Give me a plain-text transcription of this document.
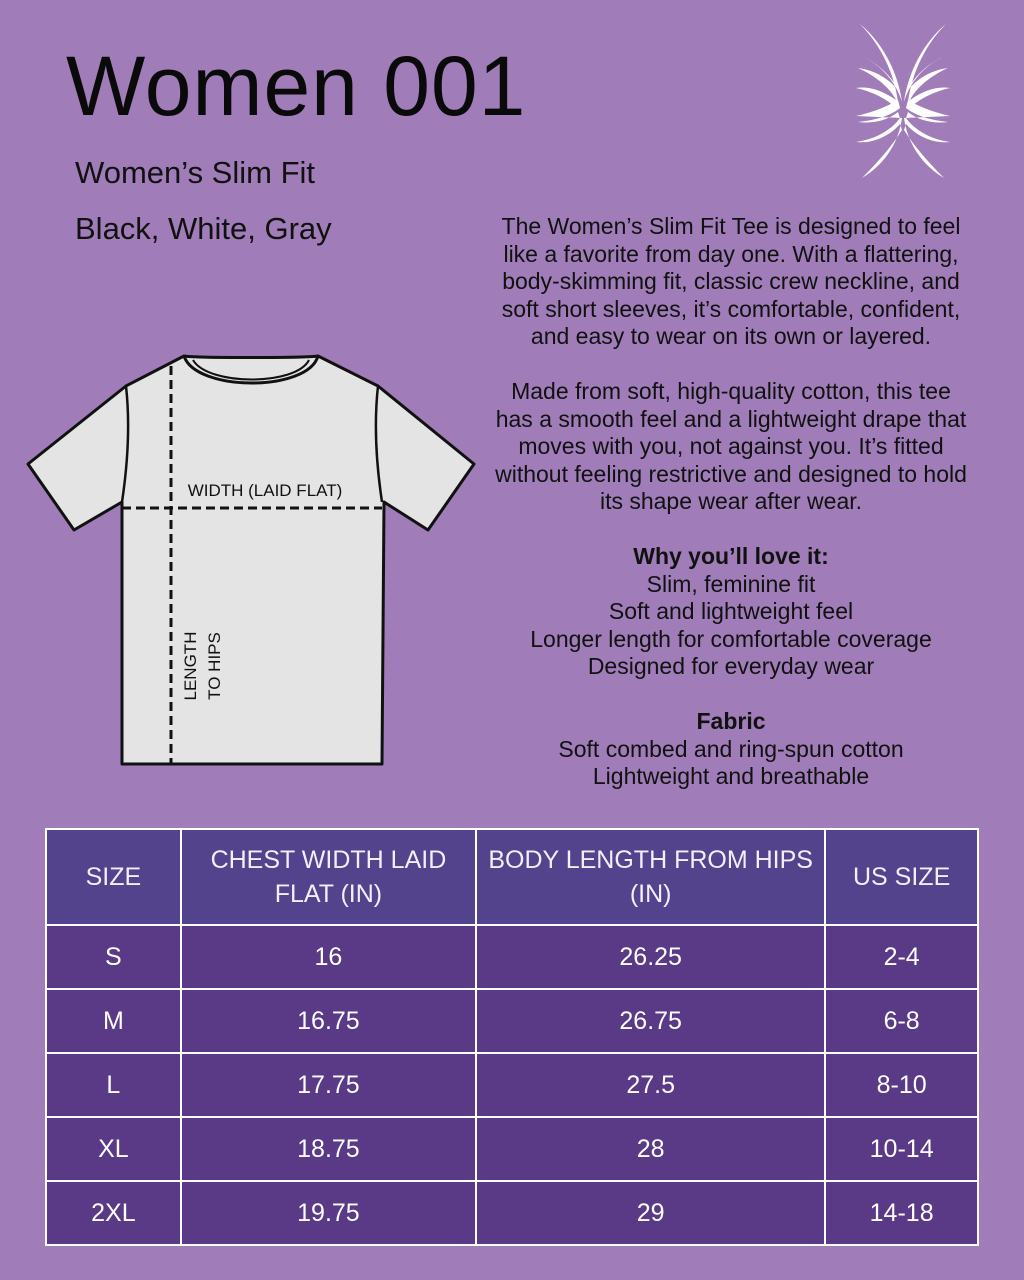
Women 001

Women’s Slim Fit

Black, White, Gray

WIDTH (LAID FLAT)
LENGTH TO HIPS

The Women’s Slim Fit Tee is designed to feel
like a favorite from day one. With a flattering,
body-skimming fit, classic crew neckline, and
soft short sleeves, it’s comfortable, confident,
and easy to wear on its own or layered.

Made from soft, high-quality cotton, this tee
has a smooth feel and a lightweight drape that
moves with you, not against you. It’s fitted
without feeling restrictive and designed to hold
its shape wear after wear.

Why you’ll love it:

Slim, feminine fit
Soft and lightweight feel
Longer length for comfortable coverage
Designed for everyday wear

Fabric

Soft combed and ring-spun cotton
Lightweight and breathable

SIZE	CHEST WIDTH LAID FLAT (IN)	BODY LENGTH FROM HIPS (IN)	US SIZE
S	16	26.25	2-4
M	16.75	26.75	6-8
L	17.75	27.5	8-10
XL	18.75	28	10-14
2XL	19.75	29	14-18
